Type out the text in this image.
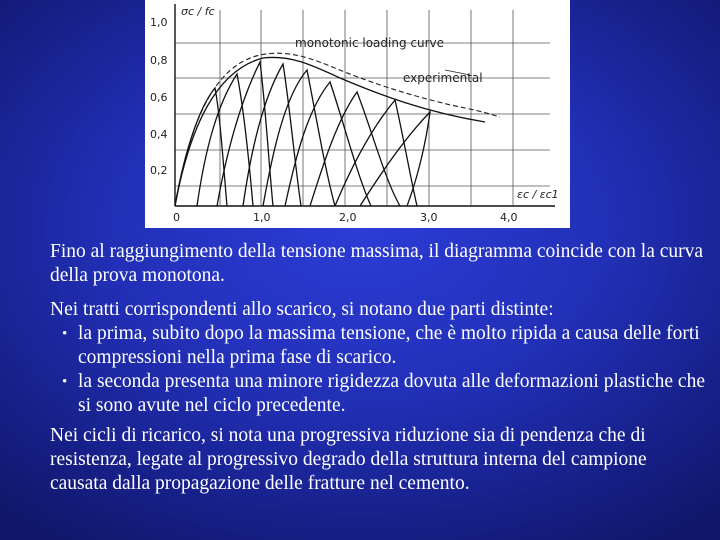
1,0
0,8
0,6
0,4
0,2
0	1,0	2,0	3,0	4,0
σc / fc
εc / εc1
monotonic loading curve
experimental

Fino al raggiungimento della tensione massima, il diagramma coincide con la curva della prova monotona.

Nei tratti corrispondenti allo scarico, si notano due parti distinte:

• la prima, subito dopo la massima tensione, che è molto ripida a causa delle forti compressioni nella prima fase di scarico.
• la seconda presenta una minore rigidezza dovuta alle deformazioni plastiche che si sono avute nel ciclo precedente.

Nei cicli di ricarico, si nota una progressiva riduzione sia di pendenza che di resistenza, legate al progressivo degrado della struttura interna del campione causata dalla propagazione delle fratture nel cemento.
